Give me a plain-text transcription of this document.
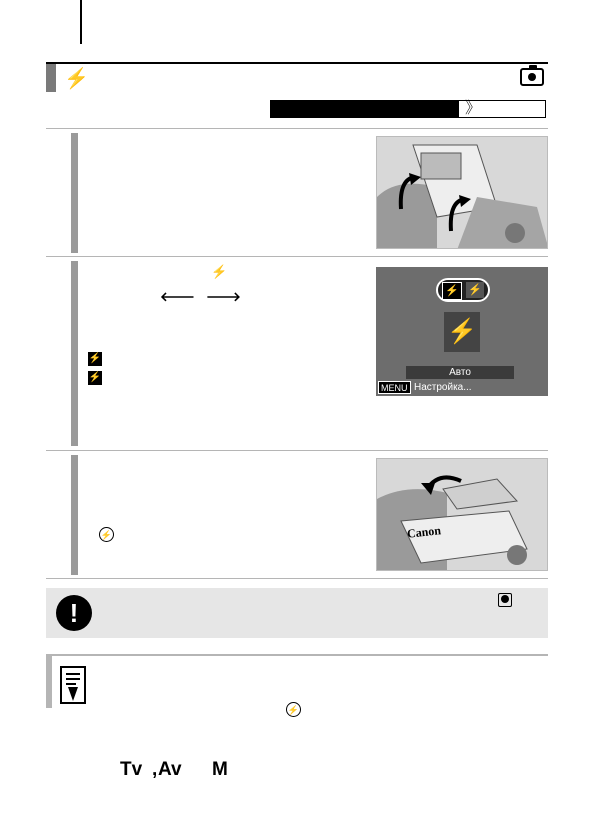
⚡
》
⚡
🡐 🡒
⚡
⚡
⚡ ⚡
⚡
Авто
MENU Настройка...
Canon
⚡
!
⚡
Tv , Av M
